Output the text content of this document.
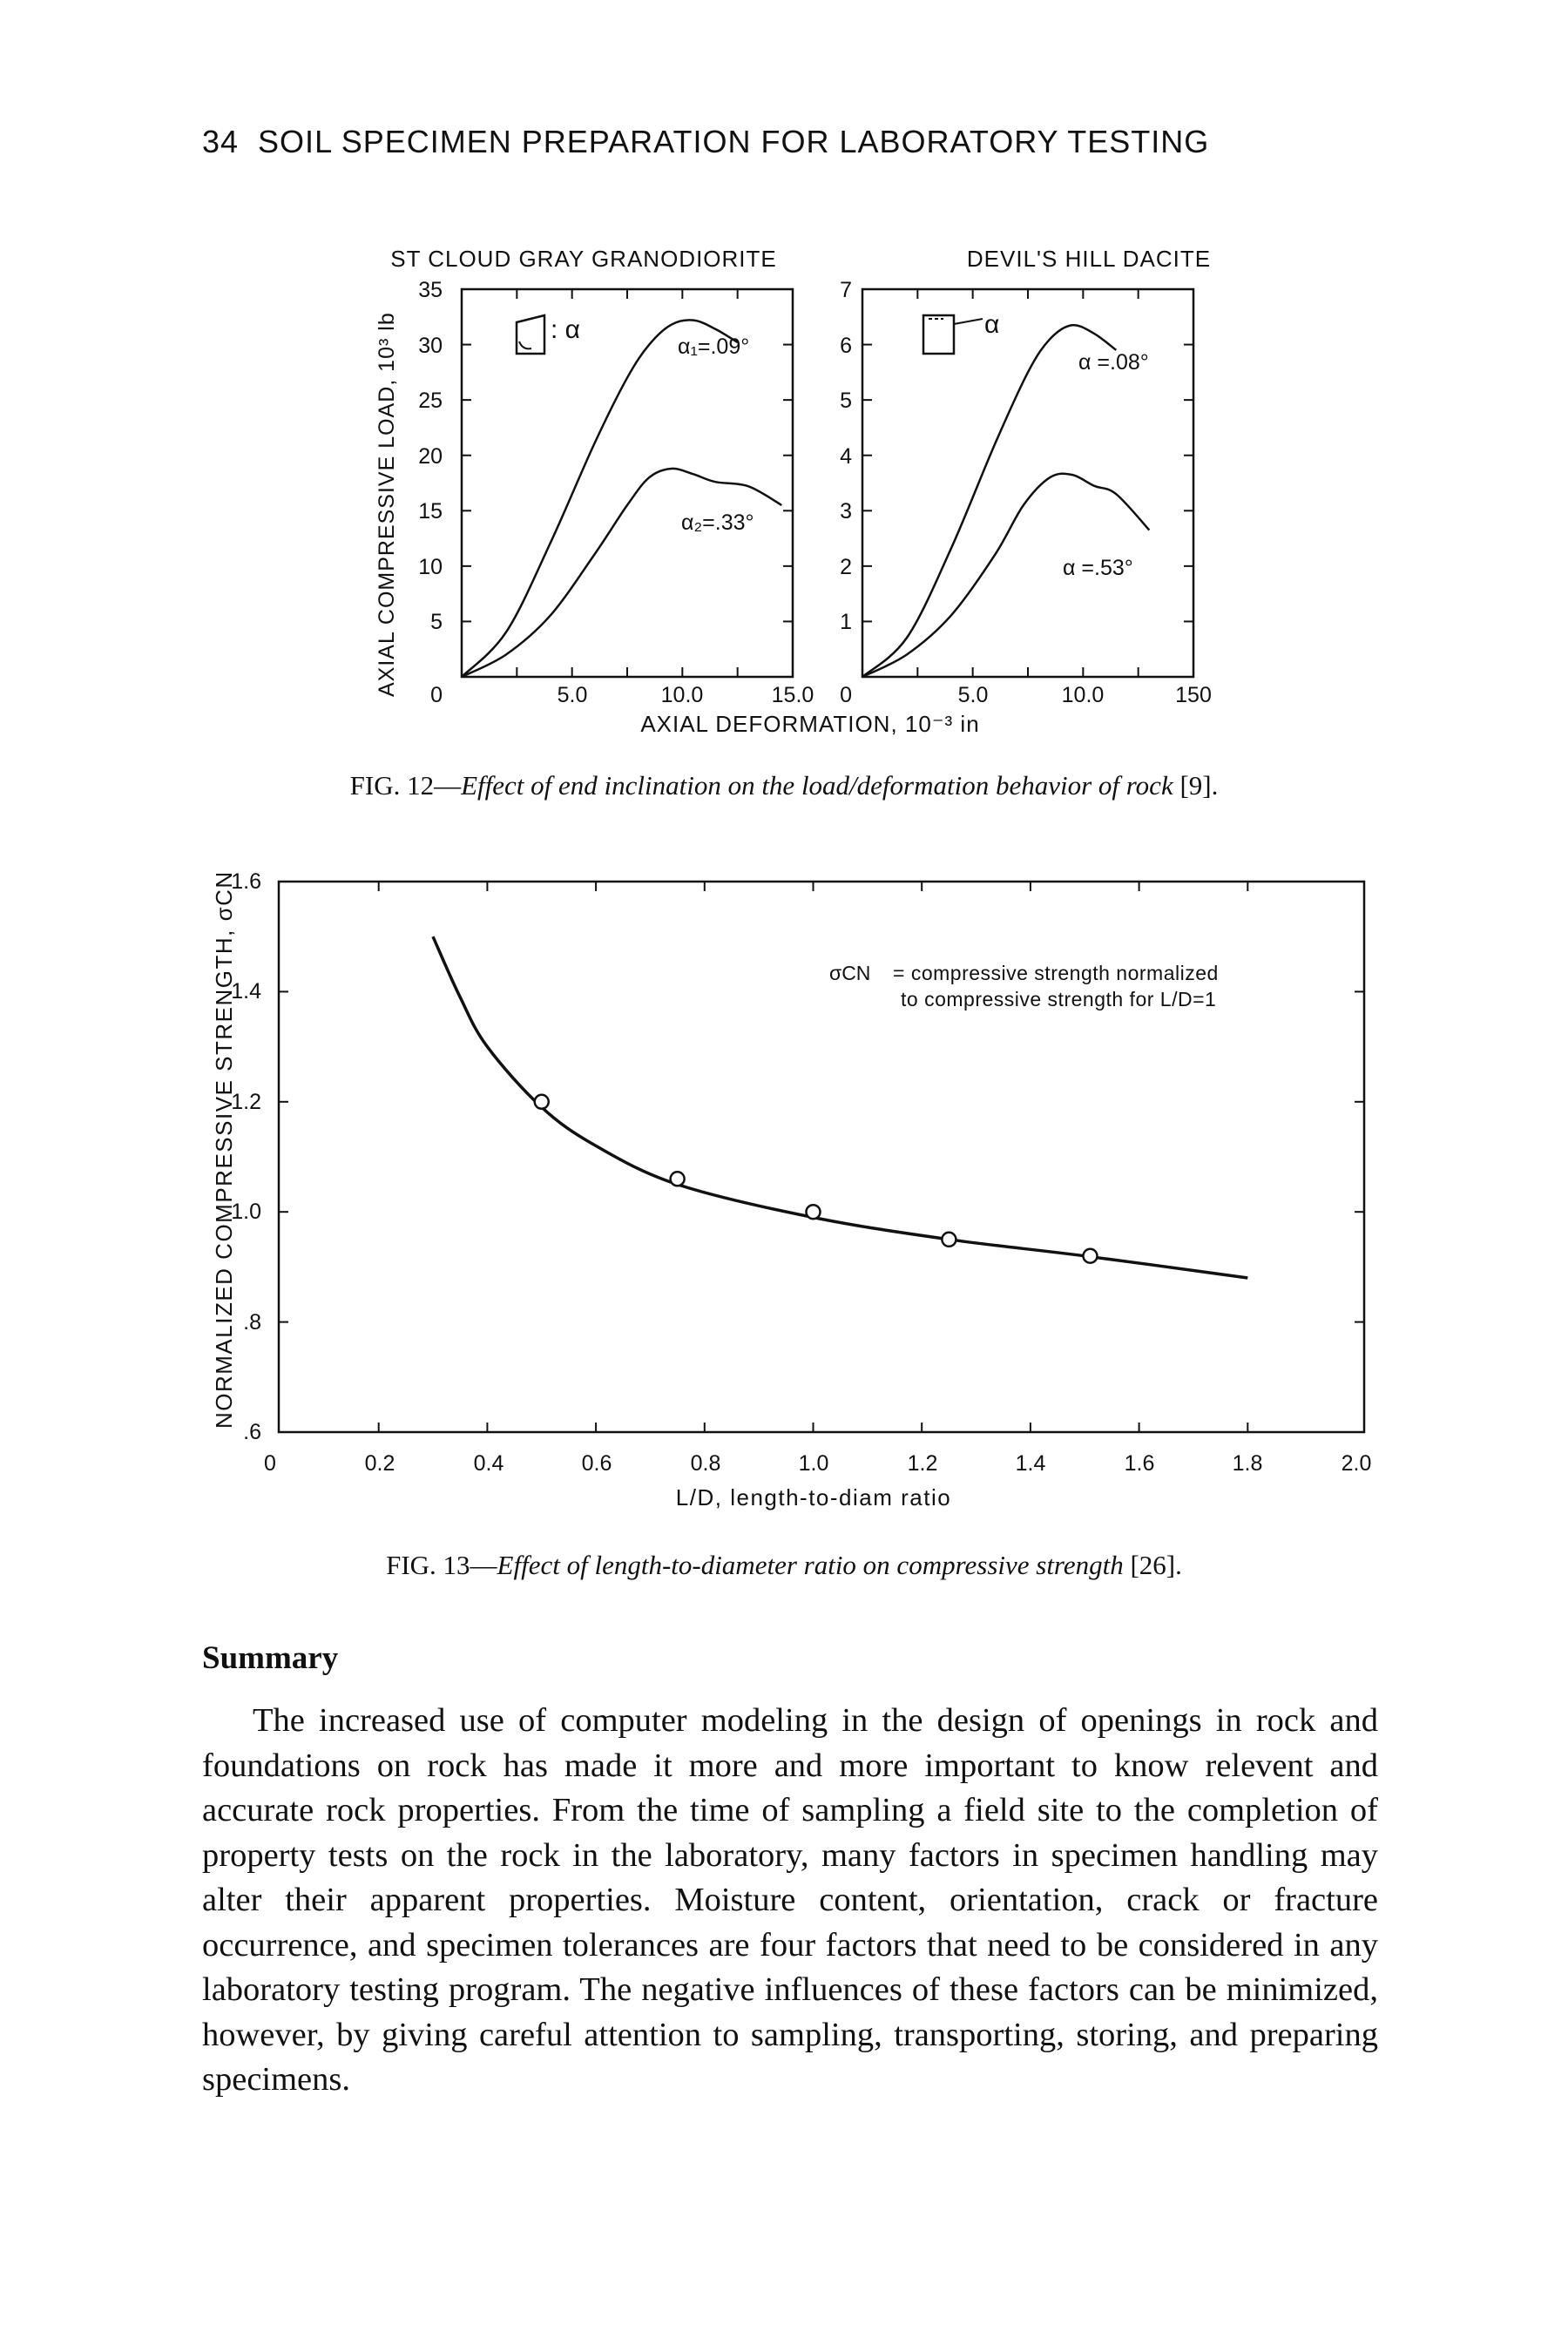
34 SOIL SPECIMEN PREPARATION FOR LABORATORY TESTING
ST CLOUD GRAY GRANODIORITE	DEVIL'S HILL DACITE
AXIAL COMPRESSIVE LOAD, 10³ lb
35
30
25
20
15
10
5
0	5.0	10.0	15.0
: α
α₁=.09°
α₂=.33°
7
6
5
4
3
2
1
0	5.0	10.0	150
α
α =.08°
α =.53°
AXIAL DEFORMATION, 10⁻³ in
NORMALIZED COMPRESSIVE STRENGTH, σCN
.6
.8
1.0
1.2
1.4
1.6
0	0.2	0.4	0.6	0.8	1.0	1.2	1.4	1.6	1.8	2.0
σCN = compressive strength normalized
to compressive strength for L/D=1
L/D, length-to-diam ratio
FIG. 12—Effect of end inclination on the load/deformation behavior of rock [9].
FIG. 13—Effect of length-to-diameter ratio on compressive strength [26].
Summary
The increased use of computer modeling in the design of openings in rock and foundations on rock has made it more and more important to know relevent and accurate rock properties. From the time of sampling a field site to the completion of property tests on the rock in the laboratory, many factors in specimen handling may alter their apparent properties. Moisture content, orientation, crack or fracture occurrence, and specimen tolerances are four factors that need to be considered in any laboratory testing program. The negative influences of these factors can be minimized, however, by giving careful attention to sampling, transporting, storing, and preparing specimens.
